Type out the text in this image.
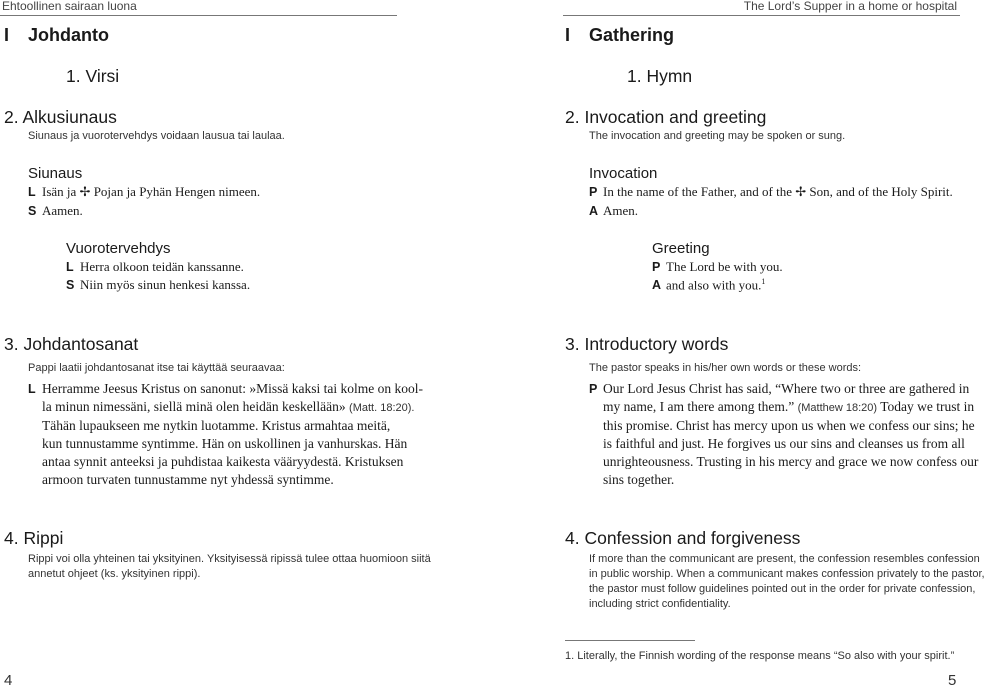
Ehtoollinen sairaan luona	The Lord’s Supper in a home or hospital
I Johdanto
1. Virsi
2. Alkusiunaus
Siunaus ja vuorotervehdys voidaan lausua tai laulaa.
Siunaus
L Isän ja ✢ Pojan ja Pyhän Hengen nimeen.
S Aamen.
Vuorotervehdys
L Herra olkoon teidän kanssanne.
S Niin myös sinun henkesi kanssa.
3. Johdantosanat
Pappi laatii johdantosanat itse tai käyttää seuraavaa:
L Herramme Jeesus Kristus on sanonut: »Missä kaksi tai kolme on kool-
la minun nimessäni, siellä minä olen heidän keskellään» (Matt. 18:20).
Tähän lupaukseen me nytkin luotamme. Kristus armahtaa meitä,
kun tunnustamme syntimme. Hän on uskollinen ja vanhurskas. Hän
antaa synnit anteeksi ja puhdistaa kaikesta vääryydestä. Kristuksen
armoon turvaten tunnustamme nyt yhdessä syntimme.
4. Rippi
Rippi voi olla yhteinen tai yksityinen. Yksityisessä ripissä tulee ottaa huomioon siitä
annetut ohjeet (ks. yksityinen rippi).
4
I Gathering
1. Hymn
2. Invocation and greeting
The invocation and greeting may be spoken or sung.
Invocation
P In the name of the Father, and of the ✢ Son, and of the Holy Spirit.
A Amen.
Greeting
P The Lord be with you.
A and also with you.$^1$
3. Introductory words
The pastor speaks in his/her own words or these words:
P Our Lord Jesus Christ has said, “Where two or three are gathered in
my name, I am there among them.” (Matthew 18:20) Today we trust in
this promise. Christ has mercy upon us when we confess our sins; he
is faithful and just. He forgives us our sins and cleanses us from all
unrighteousness. Trusting in his mercy and grace we now confess our
sins together.
4. Confession and forgiveness
If more than the communicant are present, the confession resembles confession
in public worship. When a communicant makes confession privately to the pastor,
the pastor must follow guidelines pointed out in the order for private confession,
including strict confidentiality.
1. Literally, the Finnish wording of the response means “So also with your spirit.”
5
